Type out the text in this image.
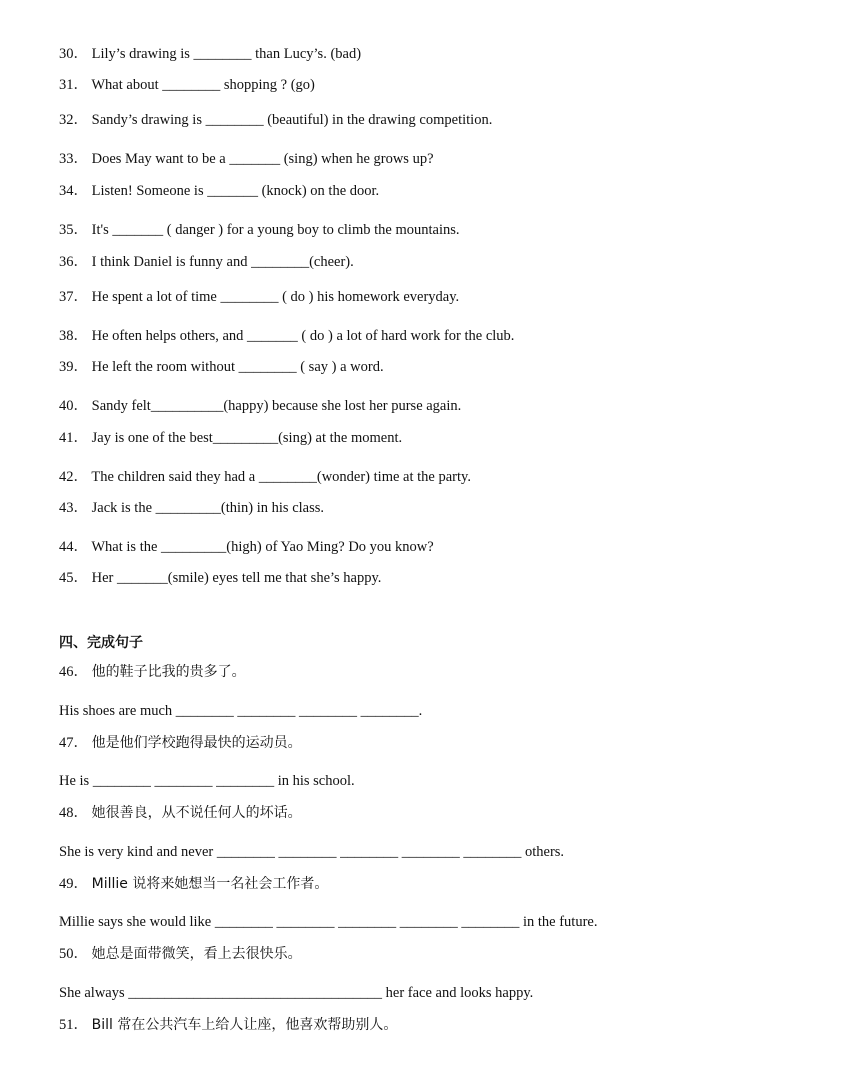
30． Lily’s drawing is ________ than Lucy’s. (bad)
31． What about ________ shopping ? (go)
32． Sandy’s drawing is ________ (beautiful) in the drawing competition.
33． Does May want to be a _______ (sing) when he grows up?
34． Listen! Someone is _______ (knock) on the door.
35． It's _______ ( danger ) for a young boy to climb the mountains.
36． I think Daniel is funny and ________(cheer).
37． He spent a lot of time ________ ( do ) his homework everyday.
38． He often helps others, and _______ ( do ) a lot of hard work for the club.
39． He left the room without ________ ( say ) a word.
40． Sandy felt__________(happy) because she lost her purse again.
41． Jay is one of the best_________(sing) at the moment.
42． The children said they had a ________(wonder) time at the party.
43． Jack is the _________(thin) in his class.
44． What is the _________(high) of Yao Ming? Do you know?
45． Her _______(smile) eyes tell me that she’s happy.
四、完成句子
46． 他的鞋子比我的贵多了。
His shoes are much ________ ________ ________ ________.
47． 他是他们学校跑得最快的运动员。
He is ________ ________ ________ in his school.
48． 她很善良，从不说任何人的坏话。
She is very kind and never ________ ________ ________ ________ ________ others.
49． Millie 说将来她想当一名社会工作者。
Millie says she would like ________ ________ ________ ________ ________ in the future.
50． 她总是面带微笑，看上去很快乐。
She always ___________________________________ her face and looks happy.
51． Bill 常在公共汽车上给人让座，他喜欢帮助别人。
